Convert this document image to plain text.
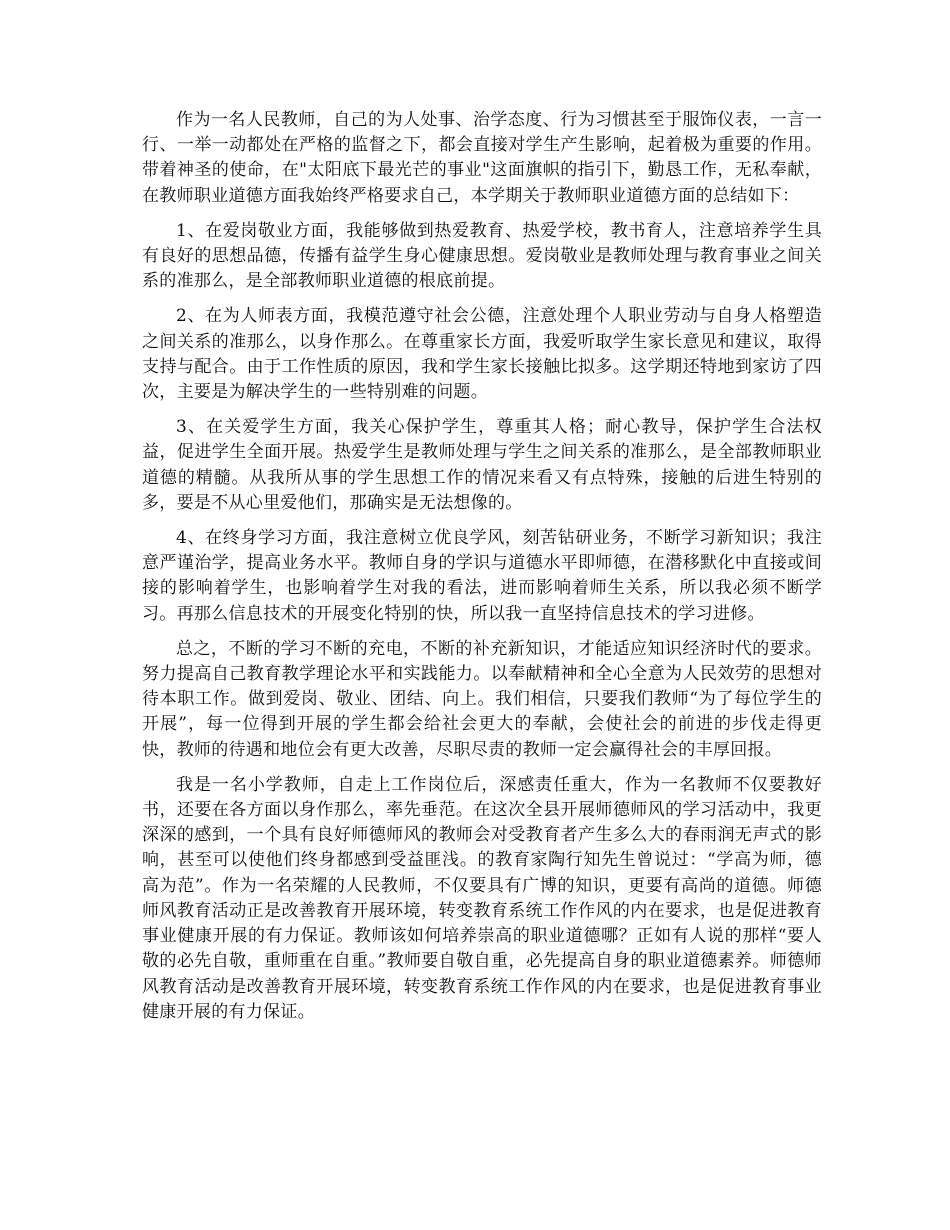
作为一名人民教师，自己的为人处事、治学态度、行为习惯甚至于服饰仪表，一言一行、一举一动都处在严格的监督之下，都会直接对学生产生影响，起着极为重要的作用。带着神圣的使命，在"太阳底下最光芒的事业"这面旗帜的指引下，勤恳工作，无私奉献，在教师职业道德方面我始终严格要求自己，本学期关于教师职业道德方面的总结如下：

1、在爱岗敬业方面，我能够做到热爱教育、热爱学校，教书育人，注意培养学生具有良好的思想品德，传播有益学生身心健康思想。爱岗敬业是教师处理与教育事业之间关系的准那么，是全部教师职业道德的根底前提。

2、在为人师表方面，我模范遵守社会公德，注意处理个人职业劳动与自身人格塑造之间关系的准那么，以身作那么。在尊重家长方面，我爱听取学生家长意见和建议，取得支持与配合。由于工作性质的原因，我和学生家长接触比拟多。这学期还特地到家访了四次，主要是为解决学生的一些特别难的问题。

3、在关爱学生方面，我关心保护学生，尊重其人格；耐心教导，保护学生合法权益，促进学生全面开展。热爱学生是教师处理与学生之间关系的准那么，是全部教师职业道德的精髓。从我所从事的学生思想工作的情况来看又有点特殊，接触的后进生特别的多，要是不从心里爱他们，那确实是无法想像的。

4、在终身学习方面，我注意树立优良学风，刻苦钻研业务，不断学习新知识；我注意严谨治学，提高业务水平。教师自身的学识与道德水平即师德，在潜移默化中直接或间接的影响着学生，也影响着学生对我的看法，进而影响着师生关系，所以我必须不断学习。再那么信息技术的开展变化特别的快，所以我一直坚持信息技术的学习进修。

总之，不断的学习不断的充电，不断的补充新知识，才能适应知识经济时代的要求。努力提高自己教育教学理论水平和实践能力。以奉献精神和全心全意为人民效劳的思想对待本职工作。做到爱岗、敬业、团结、向上。我们相信，只要我们教师“为了每位学生的开展”，每一位得到开展的学生都会给社会更大的奉献，会使社会的前进的步伐走得更快，教师的待遇和地位会有更大改善，尽职尽责的教师一定会赢得社会的丰厚回报。

我是一名小学教师，自走上工作岗位后，深感责任重大，作为一名教师不仅要教好书，还要在各方面以身作那么，率先垂范。在这次全县开展师德师风的学习活动中，我更深深的感到，一个具有良好师德师风的教师会对受教育者产生多么大的春雨润无声式的影响，甚至可以使他们终身都感到受益匪浅。的教育家陶行知先生曾说过：“学高为师，德高为范”。作为一名荣耀的人民教师，不仅要具有广博的知识，更要有高尚的道德。师德师风教育活动正是改善教育开展环境，转变教育系统工作作风的内在要求，也是促进教育事业健康开展的有力保证。教师该如何培养崇高的职业道德哪？正如有人说的那样“要人敬的必先自敬，重师重在自重。”教师要自敬自重，必先提高自身的职业道德素养。师德师风教育活动是改善教育开展环境，转变教育系统工作作风的内在要求，也是促进教育事业健康开展的有力保证。
